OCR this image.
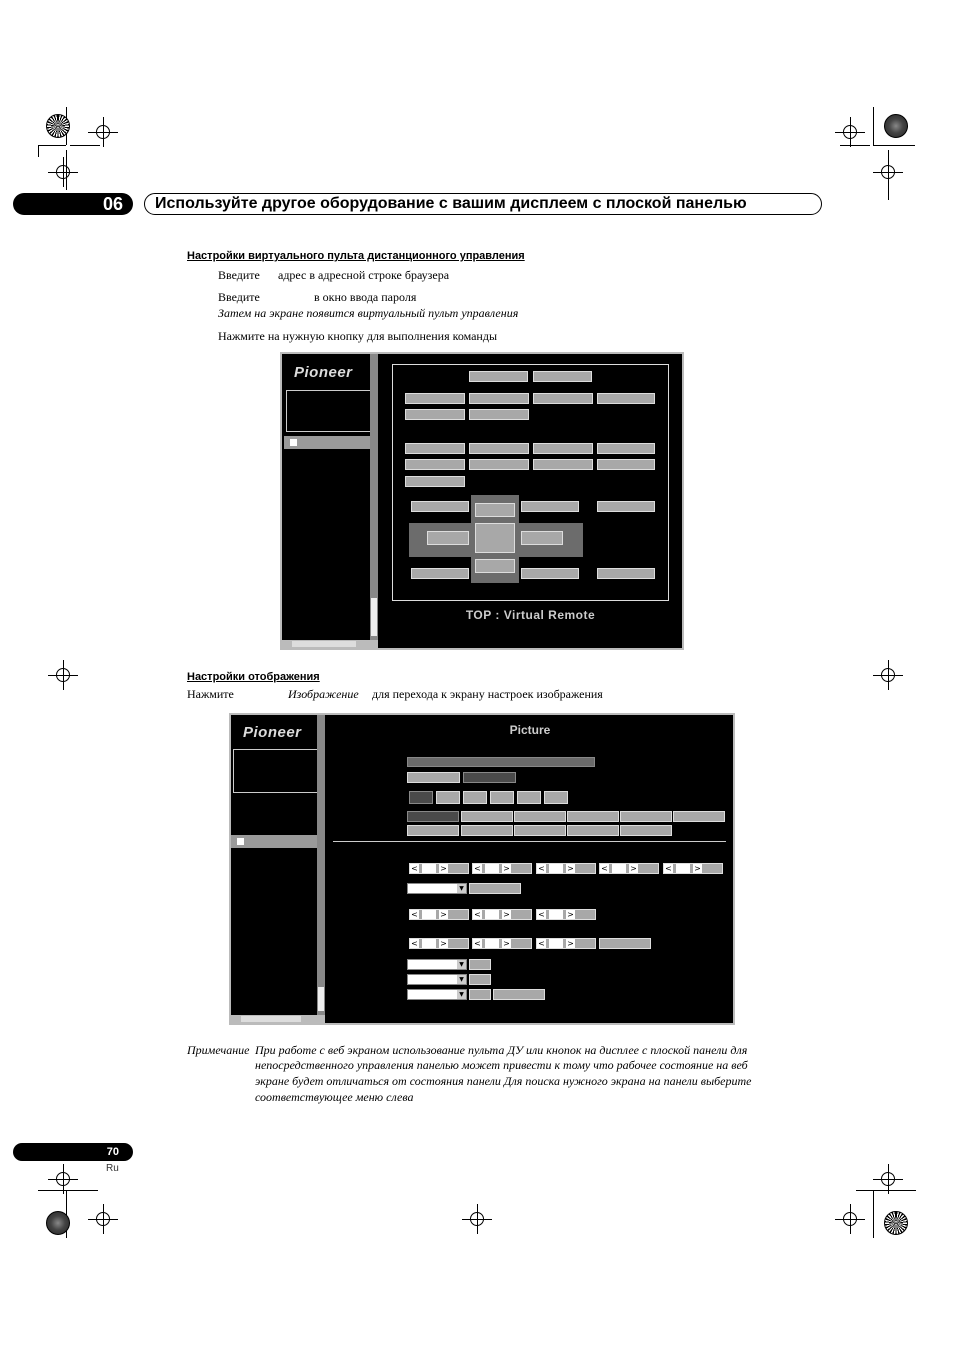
06	Используйте другое оборудование с вашим дисплеем с плоской панелью
Настройки виртуального пульта дистанционного управления
Введите адрес в адресной строке браузера
Введите	в окно ввода пароля
Затем на экране появится виртуальный пульт управления
Нажмите на нужную кнопку для выполнения команды
Pioneer
TOP : Virtual Remote
Настройки отображения
Нажмите	Изображение для перехода к экрану настроек изображения
Pioneer	Picture
<	>	<	>	<	>	<	>	<	>
▼
<	>	<	>	<	>
<	>	<	>	<	>
▼
▼
▼
Примечание При работе с веб экраном использование пульта ДУ или кнопок на дисплее с плоской панели для
непосредственного управления панелью может привести к тому что рабочее состояние на веб
экране будет отличаться от состояния панели Для поиска нужного экрана на панели выберите
соответствующее меню слева
70
Ru
